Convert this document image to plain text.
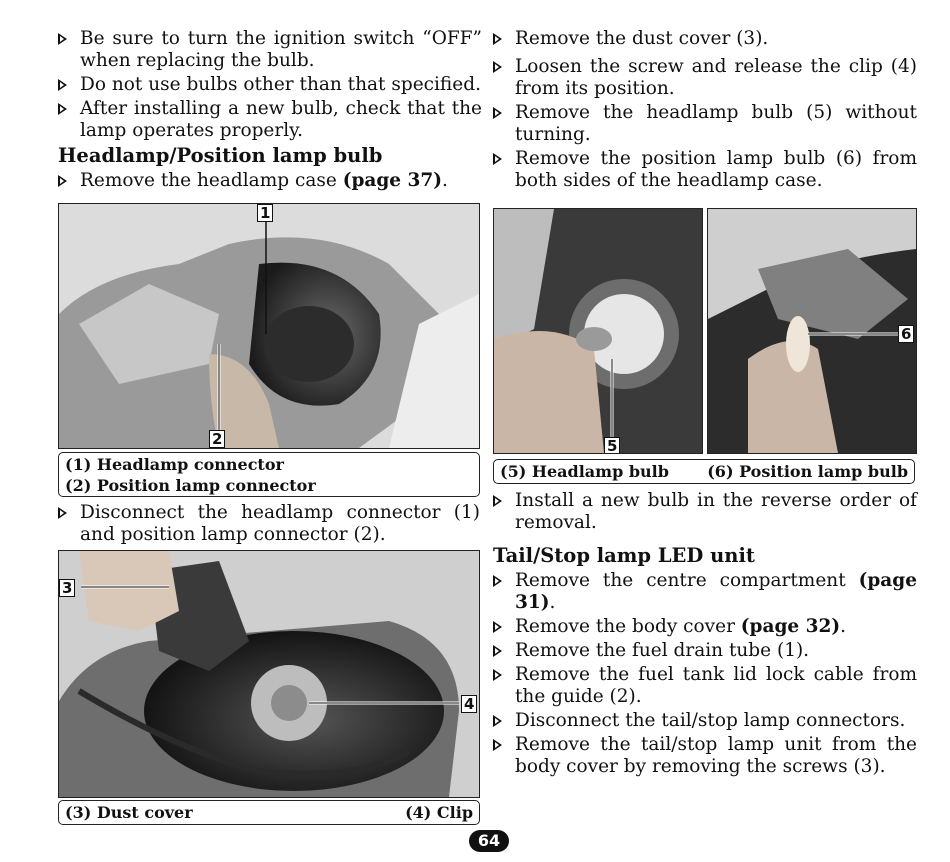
Be sure to turn the ignition switch “OFF” when replacing the bulb.

Do not use bulbs other than that specified.

After installing a new bulb, check that the lamp operates properly.

Headlamp/Position lamp bulb

Remove the headlamp case (page 37).

1
2
(1) Headlamp connector
(2) Position lamp connector

Disconnect the headlamp connector (1) and position lamp connector (2).

3
4
(3) Dust cover	(4) Clip

Remove the dust cover (3).

Loosen the screw and release the clip (4) from its position.

Remove the headlamp bulb (5) without turning.

Remove the position lamp bulb (6) from both sides of the headlamp case.

5
6
(5) Headlamp bulb (6) Position lamp bulb

Install a new bulb in the reverse order of removal.

Tail/Stop lamp LED unit

Remove the centre compartment (page 31).

Remove the body cover (page 32).

Remove the fuel drain tube (1).

Remove the fuel tank lid lock cable from the guide (2).

Disconnect the tail/stop lamp connectors.

Remove the tail/stop lamp unit from the body cover by removing the screws (3).

64
